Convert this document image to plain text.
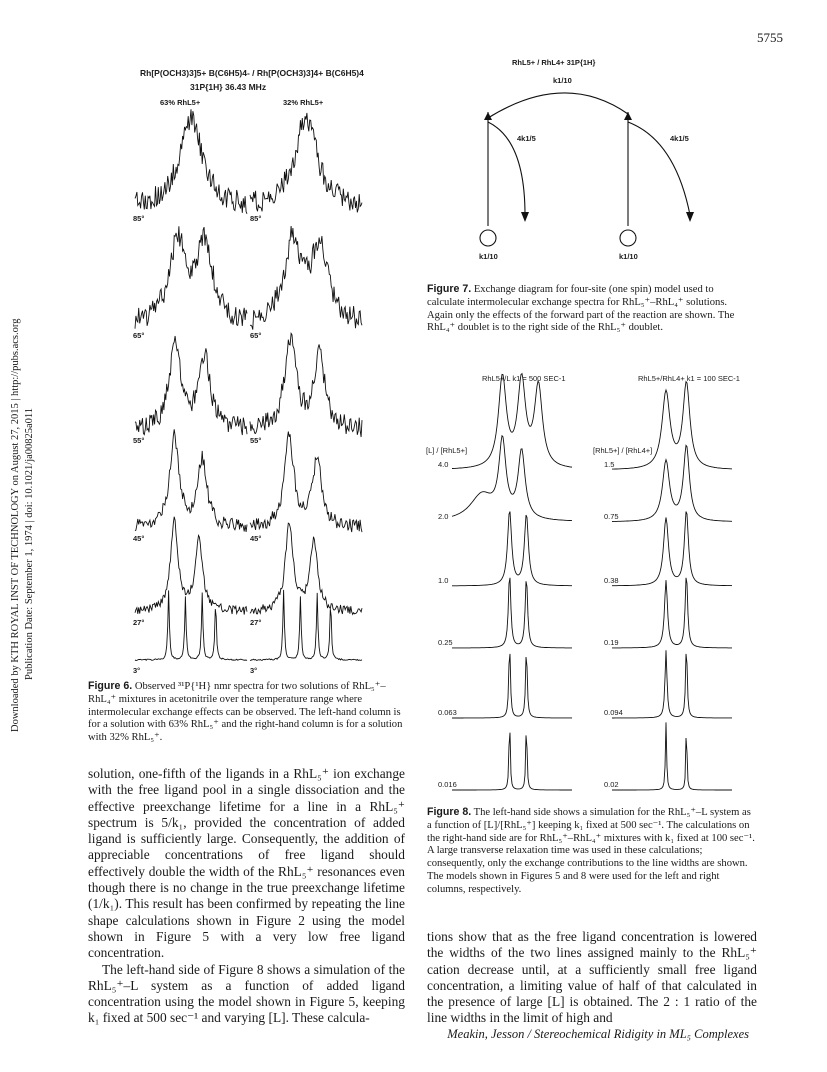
5755
Downloaded by KTH ROYAL INST OF TECHNOLOGY on August 27, 2015 | http://pubs.acs.org Publication Date: September 1, 1974 | doi: 10.1021/ja00825a011
Rh[P(OCH3)3]5+ B(C6H5)4- / Rh[P(OCH3)3]4+ B(C6H5)4
31P{1H} 36.43 MHz
63% RhL5+	32% RhL5+
85°	85°
65°	65°
55°	55°
45°	45°
27°	27°
3°	3°
Figure 6. Observed ³¹P{¹H} nmr spectra for two solutions of RhL₅⁺–RhL₄⁺ mixtures in acetonitrile over the temperature range where intermolecular exchange effects can be observed. The left-hand column is for a solution with 63% RhL₅⁺ and the right-hand column is for a solution with 32% RhL₅⁺.
RhL5+ / RhL4+ 31P{1H}
k1/10
4k1/5	4k1/5
k1/10	k1/10
Figure 7. Exchange diagram for four-site (one spin) model used to calculate intermolecular exchange spectra for RhL₅⁺–RhL₄⁺ solutions. Again only the effects of the forward part of the reaction are shown. The RhL₄⁺ doublet is to the right side of the RhL₅⁺ doublet.
RhL5+/L k1 = 500 SEC-1	RhL5+/RhL4+ k1 = 100 SEC-1
[L] / [RhL5+]	[RhL5+] / [RhL4+]
4.0	1.5
2.0	0.75
1.0	0.38
0.25	0.19
0.063	0.094
0.016	0.02
Figure 8. The left-hand side shows a simulation for the RhL₅⁺–L system as a function of [L]/[RhL₅⁺] keeping k₁ fixed at 500 sec⁻¹. The calculations on the right-hand side are for RhL₅⁺–RhL₄⁺ mixtures with k₁ fixed at 100 sec⁻¹. A large transverse relaxation time was used in these calculations; consequently, only the exchange contributions to the line widths are shown. The models shown in Figures 5 and 8 were used for the left and right columns, respectively.
solution, one-fifth of the ligands in a RhL₅⁺ ion exchange with the free ligand pool in a single dissociation and the effective preexchange lifetime for a line in a RhL₅⁺ spectrum is 5/k₁, provided the concentration of added ligand is sufficiently large. Consequently, the addition of appreciable concentrations of free ligand should effectively double the width of the RhL₅⁺ resonances even though there is no change in the true preexchange lifetime (1/k₁). This result has been confirmed by repeating the line shape calculations shown in Figure 2 using the model shown in Figure 5 with a very low free ligand concentration.
The left-hand side of Figure 8 shows a simulation of the RhL₅⁺–L system as a function of added ligand concentration using the model shown in Figure 5, keeping k₁ fixed at 500 sec⁻¹ and varying [L]. These calcula-
tions show that as the free ligand concentration is lowered the widths of the two lines assigned mainly to the RhL₅⁺ cation decrease until, at a sufficiently small free ligand concentration, a limiting value of half of that calculated in the presence of large [L] is obtained. The 2 : 1 ratio of the line widths in the limit of high and
Meakin, Jesson / Stereochemical Ridigity in ML₅ Complexes
